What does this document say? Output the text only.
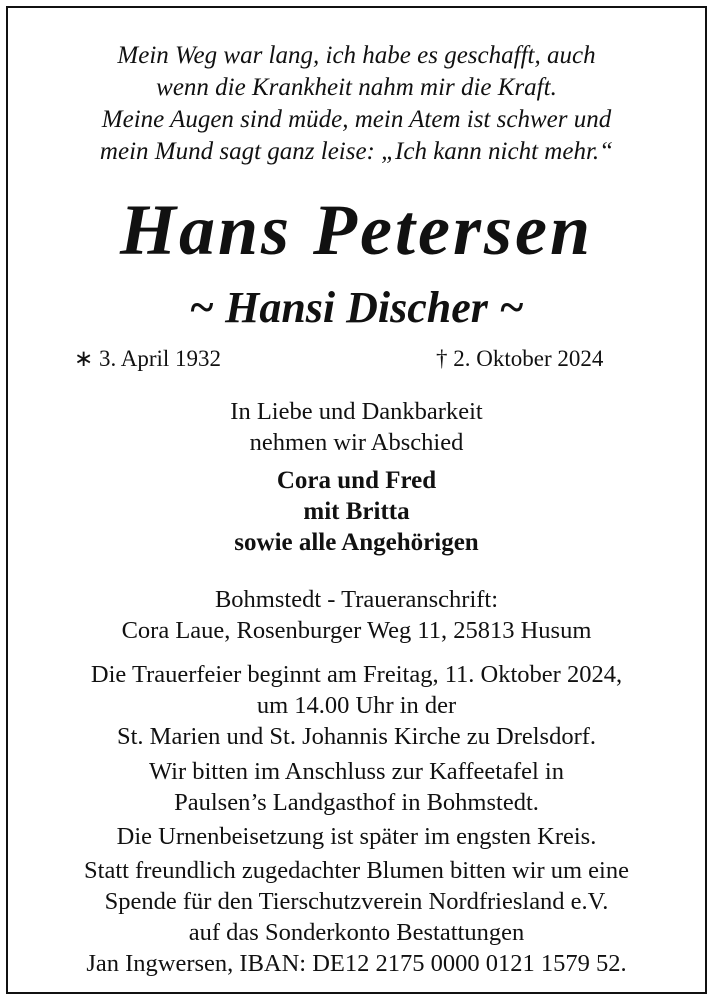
Mein Weg war lang, ich habe es geschafft, auch
wenn die Krankheit nahm mir die Kraft.
Meine Augen sind müde, mein Atem ist schwer und
mein Mund sagt ganz leise: „Ich kann nicht mehr.“
Hans Petersen
~ Hansi Discher ~
∗ 3. April 1932	† 2. Oktober 2024
In Liebe und Dankbarkeit
nehmen wir Abschied
Cora und Fred
mit Britta
sowie alle Angehörigen
Bohmstedt - Traueranschrift:
Cora Laue, Rosenburger Weg 11, 25813 Husum
Die Trauerfeier beginnt am Freitag, 11. Oktober 2024,
um 14.00 Uhr in der
St. Marien und St. Johannis Kirche zu Drelsdorf.
Wir bitten im Anschluss zur Kaffeetafel in
Paulsen’s Landgasthof in Bohmstedt.
Die Urnenbeisetzung ist später im engsten Kreis.
Statt freundlich zugedachter Blumen bitten wir um eine
Spende für den Tierschutzverein Nordfriesland e.V.
auf das Sonderkonto Bestattungen
Jan Ingwersen, IBAN: DE12 2175 0000 0121 1579 52.
